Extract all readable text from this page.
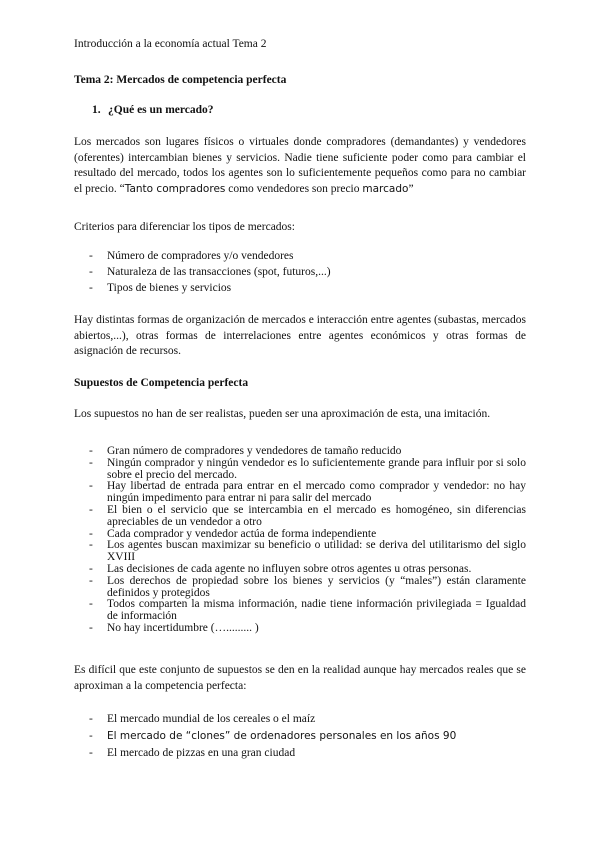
Introducción a la economía actual Tema 2
Tema 2: Mercados de competencia perfecta
1. ¿Qué es un mercado?
Los mercados son lugares físicos o virtuales donde compradores (demandantes) y vendedores (oferentes) intercambian bienes y servicios. Nadie tiene suficiente poder como para cambiar el resultado del mercado, todos los agentes son lo suficientemente pequeños como para no cambiar el precio. “Tanto compradores como vendedores son precio marcado”
Criterios para diferenciar los tipos de mercados:
- Número de compradores y/o vendedores
- Naturaleza de las transacciones (spot, futuros,...)
- Tipos de bienes y servicios
Hay distintas formas de organización de mercados e interacción entre agentes (subastas, mercados abiertos,...), otras formas de interrelaciones entre agentes económicos y otras formas de asignación de recursos.
Supuestos de Competencia perfecta
Los supuestos no han de ser realistas, pueden ser una aproximación de esta, una imitación.
- Gran número de compradores y vendedores de tamaño reducido
- Ningún comprador y ningún vendedor es lo suficientemente grande para influir por si solo sobre el precio del mercado.
- Hay libertad de entrada para entrar en el mercado como comprador y vendedor: no hay ningún impedimento para entrar ni para salir del mercado
- El bien o el servicio que se intercambia en el mercado es homogéneo, sin diferencias apreciables de un vendedor a otro
- Cada comprador y vendedor actúa de forma independiente
- Los agentes buscan maximizar su beneficio o utilidad: se deriva del utilitarismo del siglo XVIII
- Las decisiones de cada agente no influyen sobre otros agentes u otras personas.
- Los derechos de propiedad sobre los bienes y servicios (y “males”) están claramente definidos y protegidos
- Todos comparten la misma información, nadie tiene información privilegiada = Igualdad de información
- No hay incertidumbre (…......... )
Es difícil que este conjunto de supuestos se den en la realidad aunque hay mercados reales que se aproximan a la competencia perfecta:
- El mercado mundial de los cereales o el maíz
- El mercado de “clones” de ordenadores personales en los años 90
- El mercado de pizzas en una gran ciudad
